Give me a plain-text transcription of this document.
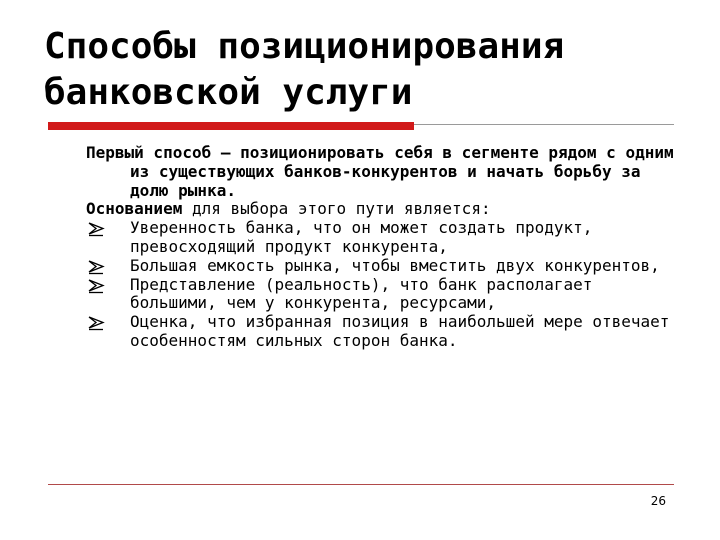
Способы позиционирования
банковской услуги

Первый способ — позиционировать себя в сегменте рядом с одним из существующих банков-конкурентов и начать борьбу за долю рынка.

Основанием для выбора этого пути является:

Уверенность банка, что он может создать продукт, превосходящий продукт конкурента,
Большая емкость рынка, чтобы вместить двух конкурентов,
Представление (реальность), что банк располагает большими, чем у конкурента, ресурсами,
Оценка, что избранная позиция в наибольшей мере отвечает особенностям сильных сторон банка.
26
